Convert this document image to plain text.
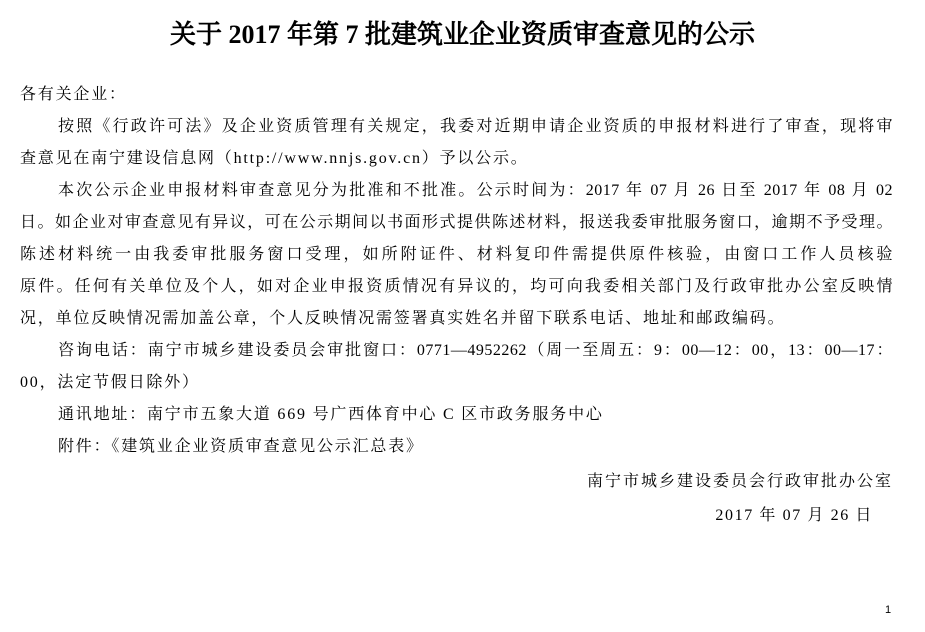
关于 2017 年第 7 批建筑业企业资质审查意见的公示
各有关企业：
按照《行政许可法》及企业资质管理有关规定，我委对近期申请企业资质的申报材料进行了审查，现将审
查意见在南宁建设信息网（http://www.nnjs.gov.cn）予以公示。
本次公示企业申报材料审查意见分为批准和不批准。公示时间为：2017 年 07 月 26 日至 2017 年 08 月 02
日。如企业对审查意见有异议，可在公示期间以书面形式提供陈述材料，报送我委审批服务窗口，逾期不予受理。
陈述材料统一由我委审批服务窗口受理，如所附证件、材料复印件需提供原件核验，由窗口工作人员核验
原件。任何有关单位及个人，如对企业申报资质情况有异议的，均可向我委相关部门及行政审批办公室反映情
况，单位反映情况需加盖公章，个人反映情况需签署真实姓名并留下联系电话、地址和邮政编码。
咨询电话：南宁市城乡建设委员会审批窗口：0771—4952262（周一至周五：9：00—12：00，13：00—17：
00，法定节假日除外）
通讯地址：南宁市五象大道 669 号广西体育中心 C 区市政务服务中心
附件：《建筑业企业资质审查意见公示汇总表》
南宁市城乡建设委员会行政审批办公室
2017 年 07 月 26 日
1
